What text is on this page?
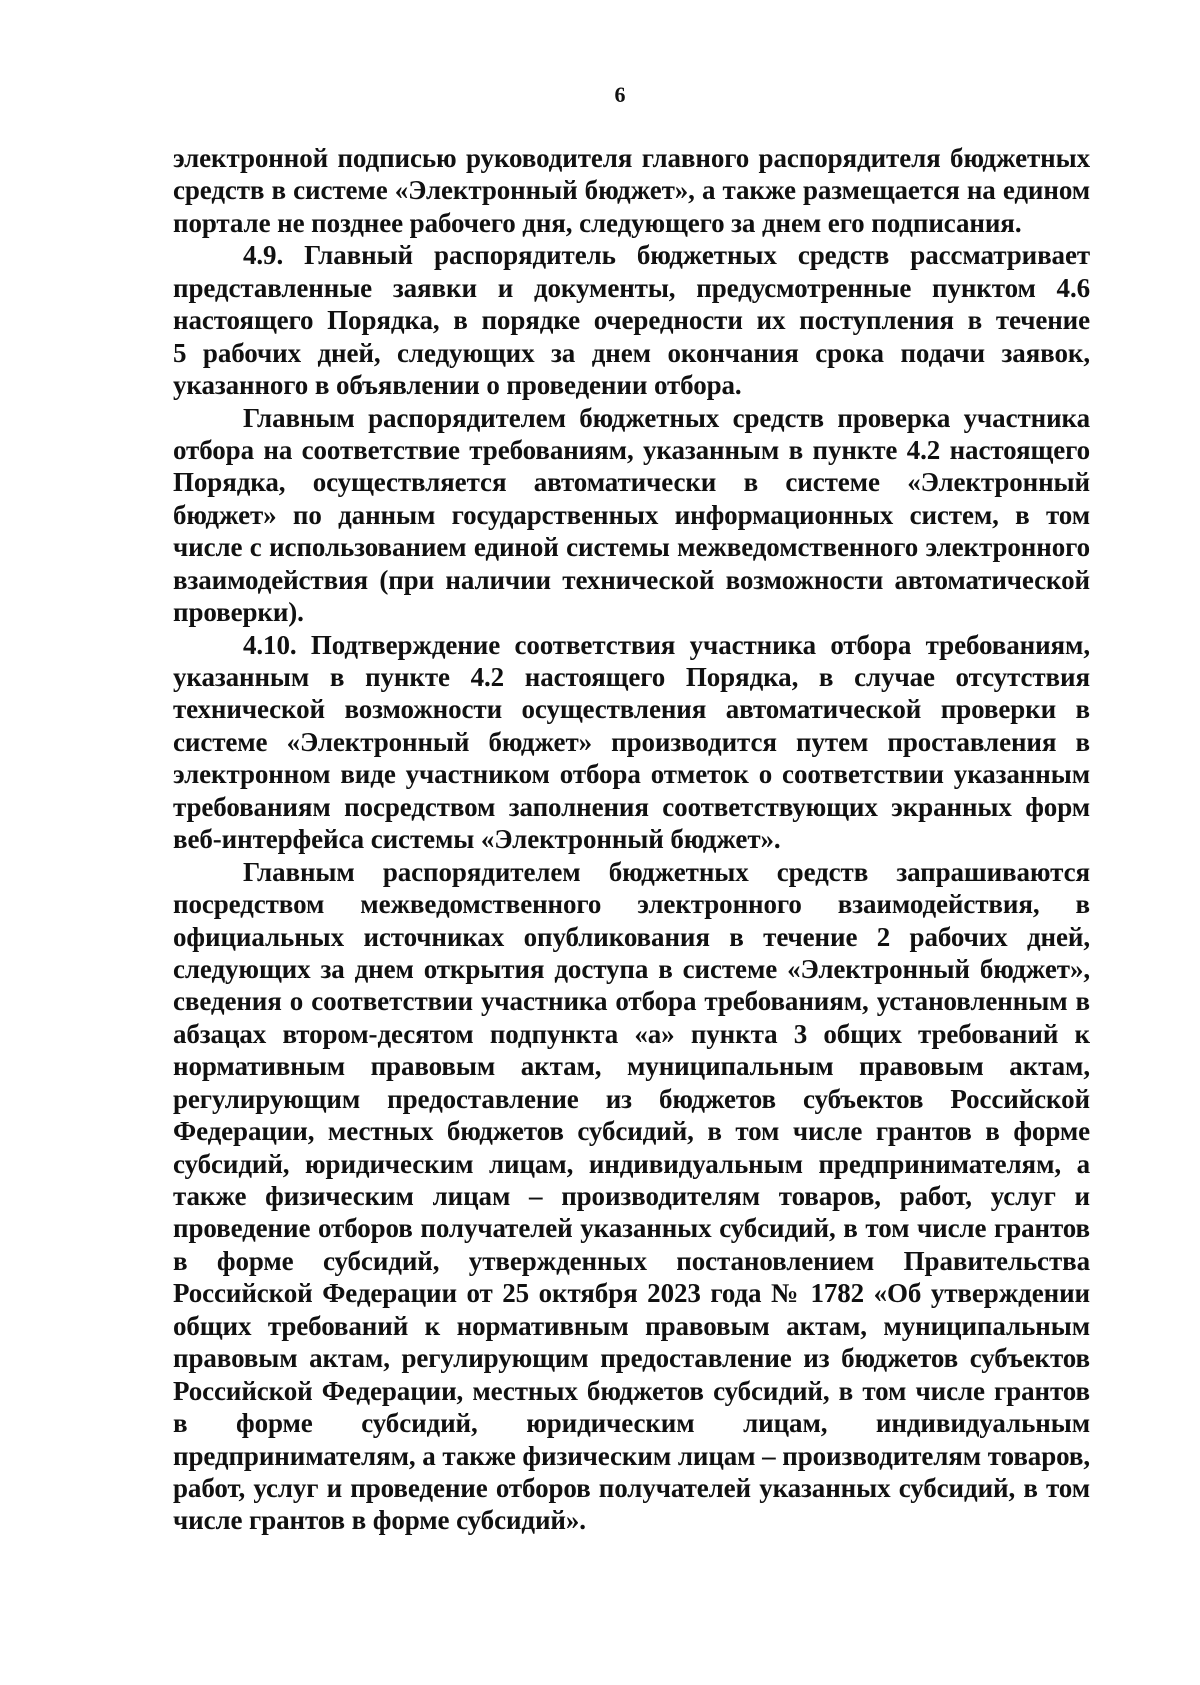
6
электронной подписью руководителя главного распорядителя бюджетных
средств в системе «Электронный бюджет», а также размещается на едином
портале не позднее рабочего дня, следующего за днем его подписания.
4.9. Главный распорядитель бюджетных средств рассматривает
представленные заявки и документы, предусмотренные пунктом 4.6
настоящего Порядка, в порядке очередности их поступления в течение
5 рабочих дней, следующих за днем окончания срока подачи заявок,
указанного в объявлении о проведении отбора.
Главным распорядителем бюджетных средств проверка участника
отбора на соответствие требованиям, указанным в пункте 4.2 настоящего
Порядка, осуществляется автоматически в системе «Электронный
бюджет» по данным государственных информационных систем, в том
числе с использованием единой системы межведомственного электронного
взаимодействия (при наличии технической возможности автоматической
проверки).
4.10. Подтверждение соответствия участника отбора требованиям,
указанным в пункте 4.2 настоящего Порядка, в случае отсутствия
технической возможности осуществления автоматической проверки в
системе «Электронный бюджет» производится путем проставления в
электронном виде участником отбора отметок о соответствии указанным
требованиям посредством заполнения соответствующих экранных форм
веб-интерфейса системы «Электронный бюджет».
Главным распорядителем бюджетных средств запрашиваются
посредством межведомственного электронного взаимодействия, в
официальных источниках опубликования в течение 2 рабочих дней,
следующих за днем открытия доступа в системе «Электронный бюджет»,
сведения о соответствии участника отбора требованиям, установленным в
абзацах втором-десятом подпункта «а» пункта 3 общих требований к
нормативным правовым актам, муниципальным правовым актам,
регулирующим предоставление из бюджетов субъектов Российской
Федерации, местных бюджетов субсидий, в том числе грантов в форме
субсидий, юридическим лицам, индивидуальным предпринимателям, а
также физическим лицам – производителям товаров, работ, услуг и
проведение отборов получателей указанных субсидий, в том числе грантов
в форме субсидий, утвержденных постановлением Правительства
Российской Федерации от 25 октября 2023 года № 1782 «Об утверждении
общих требований к нормативным правовым актам, муниципальным
правовым актам, регулирующим предоставление из бюджетов субъектов
Российской Федерации, местных бюджетов субсидий, в том числе грантов
в форме субсидий, юридическим лицам, индивидуальным
предпринимателям, а также физическим лицам – производителям товаров,
работ, услуг и проведение отборов получателей указанных субсидий, в том
числе грантов в форме субсидий».
